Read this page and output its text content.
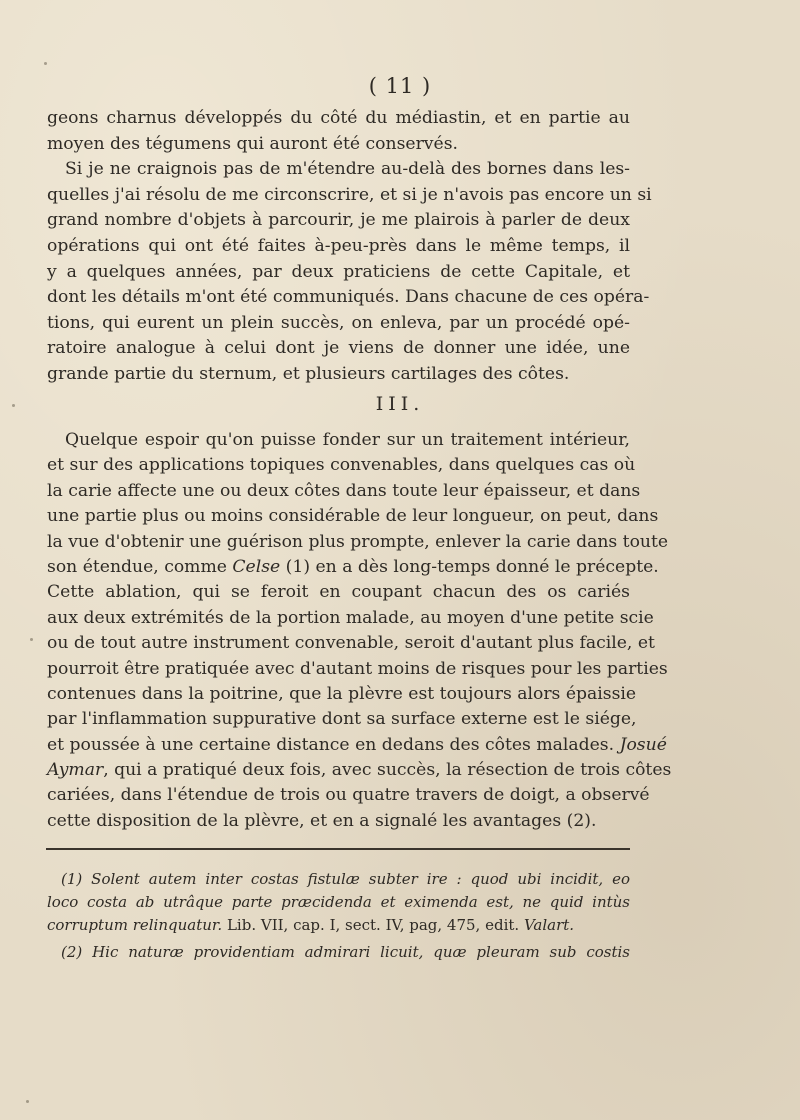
( 11 )
geons charnus développés du côté du médiastin, et en partie au
moyen des tégumens qui auront été conservés.
Si je ne craignois pas de m'étendre au-delà des bornes dans les-
quelles j'ai résolu de me circonscrire, et si je n'avois pas encore un si
grand nombre d'objets à parcourir, je me plairois à parler de deux
opérations qui ont été faites à-peu-près dans le même temps, il
y a quelques années, par deux praticiens de cette Capitale, et
dont les détails m'ont été communiqués. Dans chacune de ces opéra-
tions, qui eurent un plein succès, on enleva, par un procédé opé-
ratoire analogue à celui dont je viens de donner une idée, une
grande partie du sternum, et plusieurs cartilages des côtes.
III.
Quelque espoir qu'on puisse fonder sur un traitement intérieur,
et sur des applications topiques convenables, dans quelques cas où
la carie affecte une ou deux côtes dans toute leur épaisseur, et dans
une partie plus ou moins considérable de leur longueur, on peut, dans
la vue d'obtenir une guérison plus prompte, enlever la carie dans toute
son étendue, comme Celse (1) en a dès long-temps donné le précepte.
Cette ablation, qui se feroit en coupant chacun des os cariés
aux deux extrémités de la portion malade, au moyen d'une petite scie
ou de tout autre instrument convenable, seroit d'autant plus facile, et
pourroit être pratiquée avec d'autant moins de risques pour les parties
contenues dans la poitrine, que la plèvre est toujours alors épaissie
par l'inflammation suppurative dont sa surface externe est le siége,
et poussée à une certaine distance en dedans des côtes malades. Josué
Aymar, qui a pratiqué deux fois, avec succès, la résection de trois côtes
cariées, dans l'étendue de trois ou quatre travers de doigt, a observé
cette disposition de la plèvre, et en a signalé les avantages (2).
(1) Solent autem inter costas fistulæ subter ire : quod ubi incidit, eo
loco costa ab utrâque parte præcidenda et eximenda est, ne quid intùs
corruptum relinquatur. Lib. VII, cap. I, sect. IV, pag, 475, edit. Valart.
(2) Hic naturæ providentiam admirari licuit, quæ pleuram sub costis
